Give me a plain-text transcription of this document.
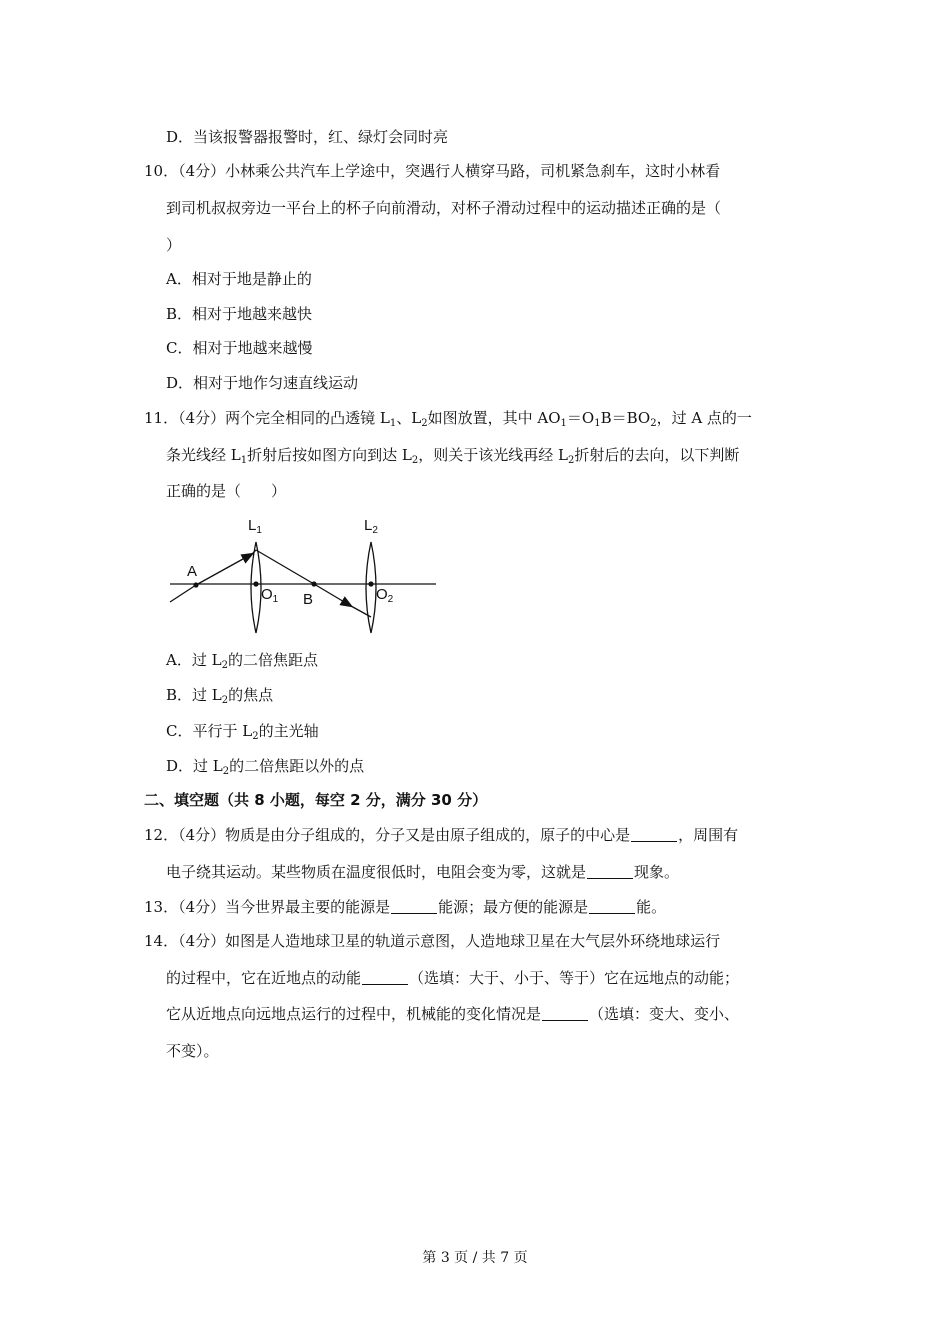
D．当该报警器报警时，红、绿灯会同时亮
10．（4分）小林乘公共汽车上学途中，突遇行人横穿马路，司机紧急刹车，这时小林看
到司机叔叔旁边一平台上的杯子向前滑动，对杯子滑动过程中的运动描述正确的是（
）
A．相对于地是静止的
B．相对于地越来越快
C．相对于地越来越慢
D．相对于地作匀速直线运动
11．（4分）两个完全相同的凸透镜 $L_1$、$L_2$如图放置，其中 $AO_1=O_1B=BO_2$，过 A 点的一
条光线经 $L_1$折射后按如图方向到达 $L_2$，则关于该光线再经 $L_2$折射后的去向，以下判断
正确的是（　　）
$L_1$	$L_2$
A
$O_1$ B	$O_2$
A．过 $L_2$的二倍焦距点
B．过 $L_2$的焦点
C．平行于 $L_2$的主光轴
D．过 $L_2$的二倍焦距以外的点
二、填空题（共 8 小题，每空 2 分，满分 30 分）
12．（4分）物质是由分子组成的，分子又是由原子组成的，原子的中心是	，周围有
电子绕其运动。某些物质在温度很低时，电阻会变为零，这就是	现象。
13．（4分）当今世界最主要的能源是	能源；最方便的能源是	能。
14．（4分）如图是人造地球卫星的轨道示意图，人造地球卫星在大气层外环绕地球运行
的过程中，它在近地点的动能	（选填：大于、小于、等于）它在远地点的动能；
它从近地点向远地点运行的过程中，机械能的变化情况是	（选填：变大、变小、
不变）。
第 3 页 / 共 7 页
